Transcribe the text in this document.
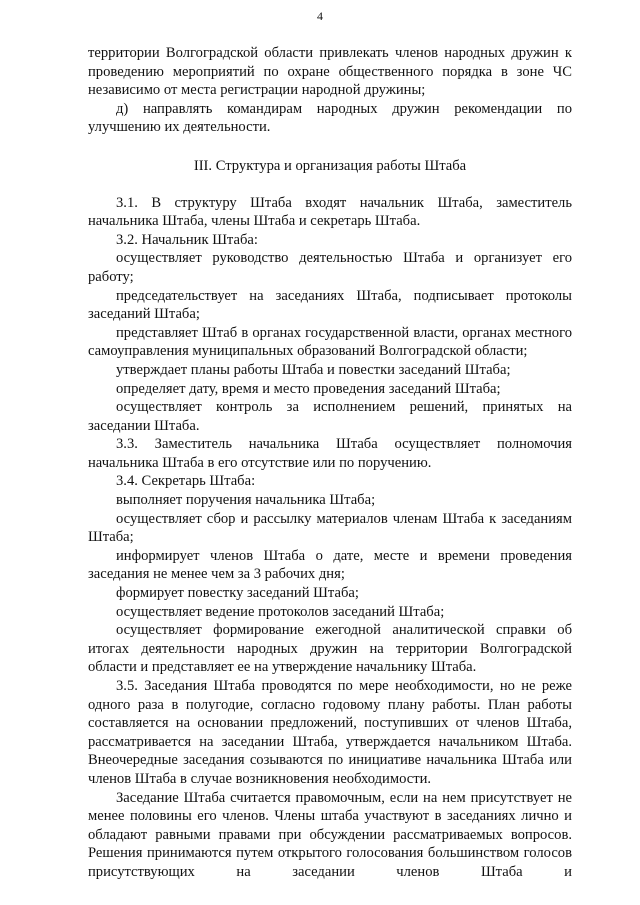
4

территории Волгоградской области привлекать членов народных дружин к проведению мероприятий по охране общественного порядка в зоне ЧС независимо от места регистрации народной дружины;

д) направлять командирам народных дружин рекомендации по улучшению их деятельности.

III. Структура и организация работы Штаба

3.1. В структуру Штаба входят начальник Штаба, заместитель начальника Штаба, члены Штаба и секретарь Штаба.

3.2. Начальник Штаба:

осуществляет руководство деятельностью Штаба и организует его работу;

председательствует на заседаниях Штаба, подписывает протоколы заседаний Штаба;

представляет Штаб в органах государственной власти, органах местного самоуправления муниципальных образований Волгоградской области;

утверждает планы работы Штаба и повестки заседаний Штаба;

определяет дату, время и место проведения заседаний Штаба;

осуществляет контроль за исполнением решений, принятых на заседании Штаба.

3.3. Заместитель начальника Штаба осуществляет полномочия начальника Штаба в его отсутствие или по поручению.

3.4. Секретарь Штаба:

выполняет поручения начальника Штаба;

осуществляет сбор и рассылку материалов членам Штаба к заседаниям Штаба;

информирует членов Штаба о дате, месте и времени проведения заседания не менее чем за 3 рабочих дня;

формирует повестку заседаний Штаба;

осуществляет ведение протоколов заседаний Штаба;

осуществляет формирование ежегодной аналитической справки об итогах деятельности народных дружин на территории Волгоградской области и представляет ее на утверждение начальнику Штаба.

3.5. Заседания Штаба проводятся по мере необходимости, но не реже одного раза в полугодие, согласно годовому плану работы. План работы составляется на основании предложений, поступивших от членов Штаба, рассматривается на заседании Штаба, утверждается начальником Штаба. Внеочередные заседания созываются по инициативе начальника Штаба или членов Штаба в случае возникновения необходимости.

Заседание Штаба считается правомочным, если на нем присутствует не менее половины его членов. Члены штаба участвуют в заседаниях лично и обладают равными правами при обсуждении рассматриваемых вопросов. Решения принимаются путем открытого голосования большинством голосов присутствующих на заседании членов Штаба и
